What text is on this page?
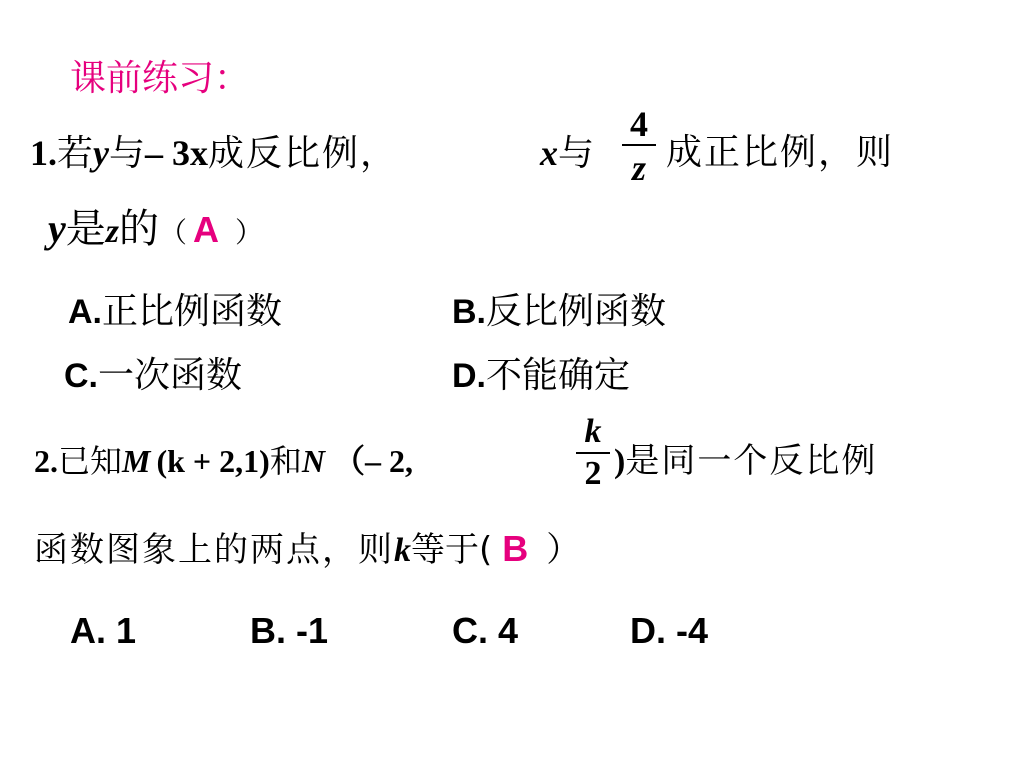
课前练习：
1.若y与– 3x成反比例，	x与
4
z 成正比例，则
y是z的（ A ）
A.正比例函数	B.反比例函数
C.一次函数	D.不能确定
2.已知M (k + 2,1)和N （– 2,
k
2 )是同一个反比例
函数图象上的两点，则k等于( B ）
A. 1	B. -1	C. 4	D. -4
